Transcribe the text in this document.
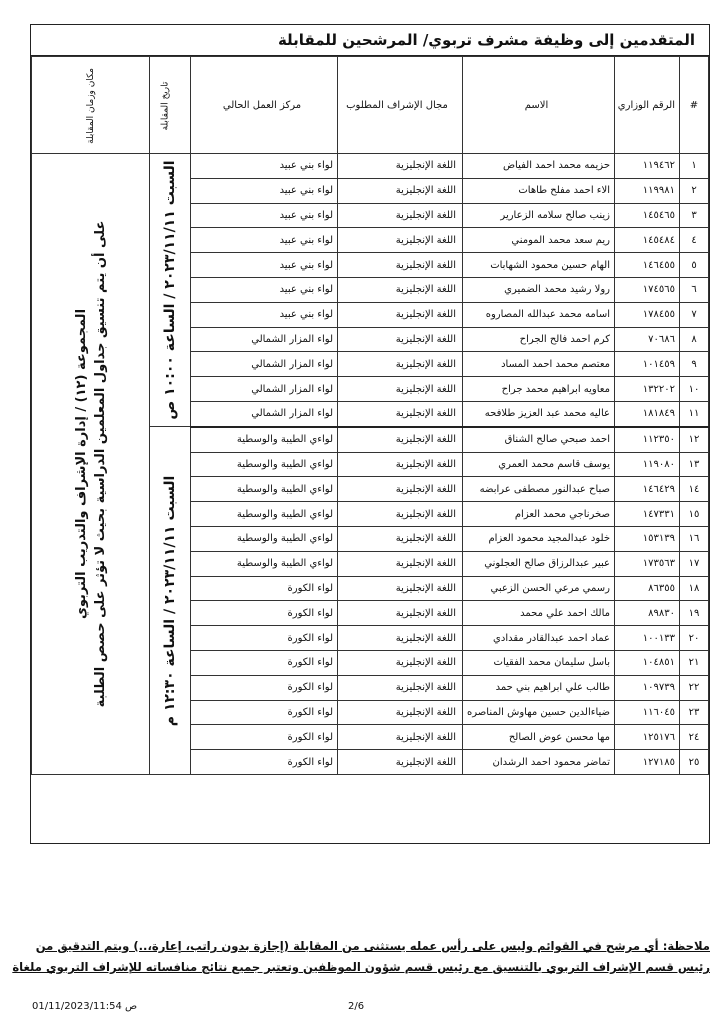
المتقدمين إلى وظيفة مشرف تربوي/ المرشحين للمقابلة
#	الرقم الوزاري	الاسم	مجال الإشراف المطلوب	مركز العمل الحالي	تاريخ المقابلة	مكان وزمان المقابلة
١	١١٩٤٦٢	حزيمه محمد احمد الفياض	اللغة الإنجليزية	لواء بني عبيد	السبت ٢٠٢٣/١١/١١ / الساعة ١٠:٠٠ ص	المجموعة (١٢) / إدارة الإشراف والتدريب التربوي على أن يتم تنسيق جداول المعلمين الدراسية بحيث لا تؤثر على حصص الطلبة

٢	١١٩٩٨١	الاء احمد مفلح طاهات	اللغة الإنجليزية	لواء بني عبيد		
٣	١٤٥٤٦٥	زينب صالح سلامه الزعارير	اللغة الإنجليزية	لواء بني عبيد		
٤	١٤٥٤٨٤	ريم سعد محمد المومني	اللغة الإنجليزية	لواء بني عبيد		
٥	١٤٦٤٥٥	الهام حسين محمود الشهابات	اللغة الإنجليزية	لواء بني عبيد		
٦	١٧٤٥٦٥	رولا رشيد محمد الضميري	اللغة الإنجليزية	لواء بني عبيد		
٧	١٧٨٤٥٥	اسامه محمد عبدالله المصاروه	اللغة الإنجليزية	لواء بني عبيد		
٨	٧٠٦٨٦	كرم احمد فالح الجراح	اللغة الإنجليزية	لواء المزار الشمالي		
٩	١٠١٤٥٩	معتصم محمد احمد المساد	اللغة الإنجليزية	لواء المزار الشمالي		
١٠	١٣٢٢٠٢	معاويه ابراهيم محمد جراح	اللغة الإنجليزية	لواء المزار الشمالي		
١١	١٨١٨٤٩	عاليه محمد عبد العزيز طلافحه	اللغة الإنجليزية	لواء المزار الشمالي		
١٢	١١٢٣٥٠	احمد صبحي صالح الشناق	اللغة الإنجليزية	لواءي الطيبة والوسطية	السبت ٢٠٢٣/١١/١١ / الساعة ١٢:٣٠ م	

١٣	١١٩٠٨٠	يوسف قاسم محمد العمري	اللغة الإنجليزية	لواءي الطيبة والوسطية		
١٤	١٤٦٤٢٩	صباح عبدالنور مصطفى عرابضه	اللغة الإنجليزية	لواءي الطيبة والوسطية		
١٥	١٤٧٣٣١	صخرناجي محمد العزام	اللغة الإنجليزية	لواءي الطيبة والوسطية		
١٦	١٥٣١٣٩	خلود عبدالمجيد محمود العزام	اللغة الإنجليزية	لواءي الطيبة والوسطية		
١٧	١٧٣٥٦٣	عبير عبدالرزاق صالح العجلوني	اللغة الإنجليزية	لواءي الطيبة والوسطية		
١٨	٨٦٣٥٥	رسمي مرعي الحسن الزعبي	اللغة الإنجليزية	لواء الكورة		
١٩	٨٩٨٣٠	مالك احمد علي محمد	اللغة الإنجليزية	لواء الكورة		
٢٠	١٠٠١٣٣	عماد احمد عبدالقادر مقدادي	اللغة الإنجليزية	لواء الكورة		
٢١	١٠٤٨٥١	باسل سليمان محمد الفقيات	اللغة الإنجليزية	لواء الكورة		
٢٢	١٠٩٧٣٩	طالب علي ابراهيم بني حمد	اللغة الإنجليزية	لواء الكورة		
٢٣	١١٦٠٤٥	ضياءالدين حسين مهاوش المناصره	اللغة الإنجليزية	لواء الكورة		
٢٤	١٢٥١٧٦	مها محسن عوض الصالح	اللغة الإنجليزية	لواء الكورة		
٢٥	١٢٧١٨٥	تماضر محمود احمد الرشدان	اللغة الإنجليزية	لواء الكورة		
ملاحظة: أي مرشح في القوائم وليس على رأس عمله يستثنى من المقابلة (إجازة بدون راتب، إعارة،..) ويتم التدقيق من
رئيس قسم الإشراف التربوي بالتنسيق مع رئيس قسم شؤون الموظفين وتعتبر جميع نتائج منافساته للإشراف التربوي ملغاة
01/11/2023/11:54 ص	2/6
